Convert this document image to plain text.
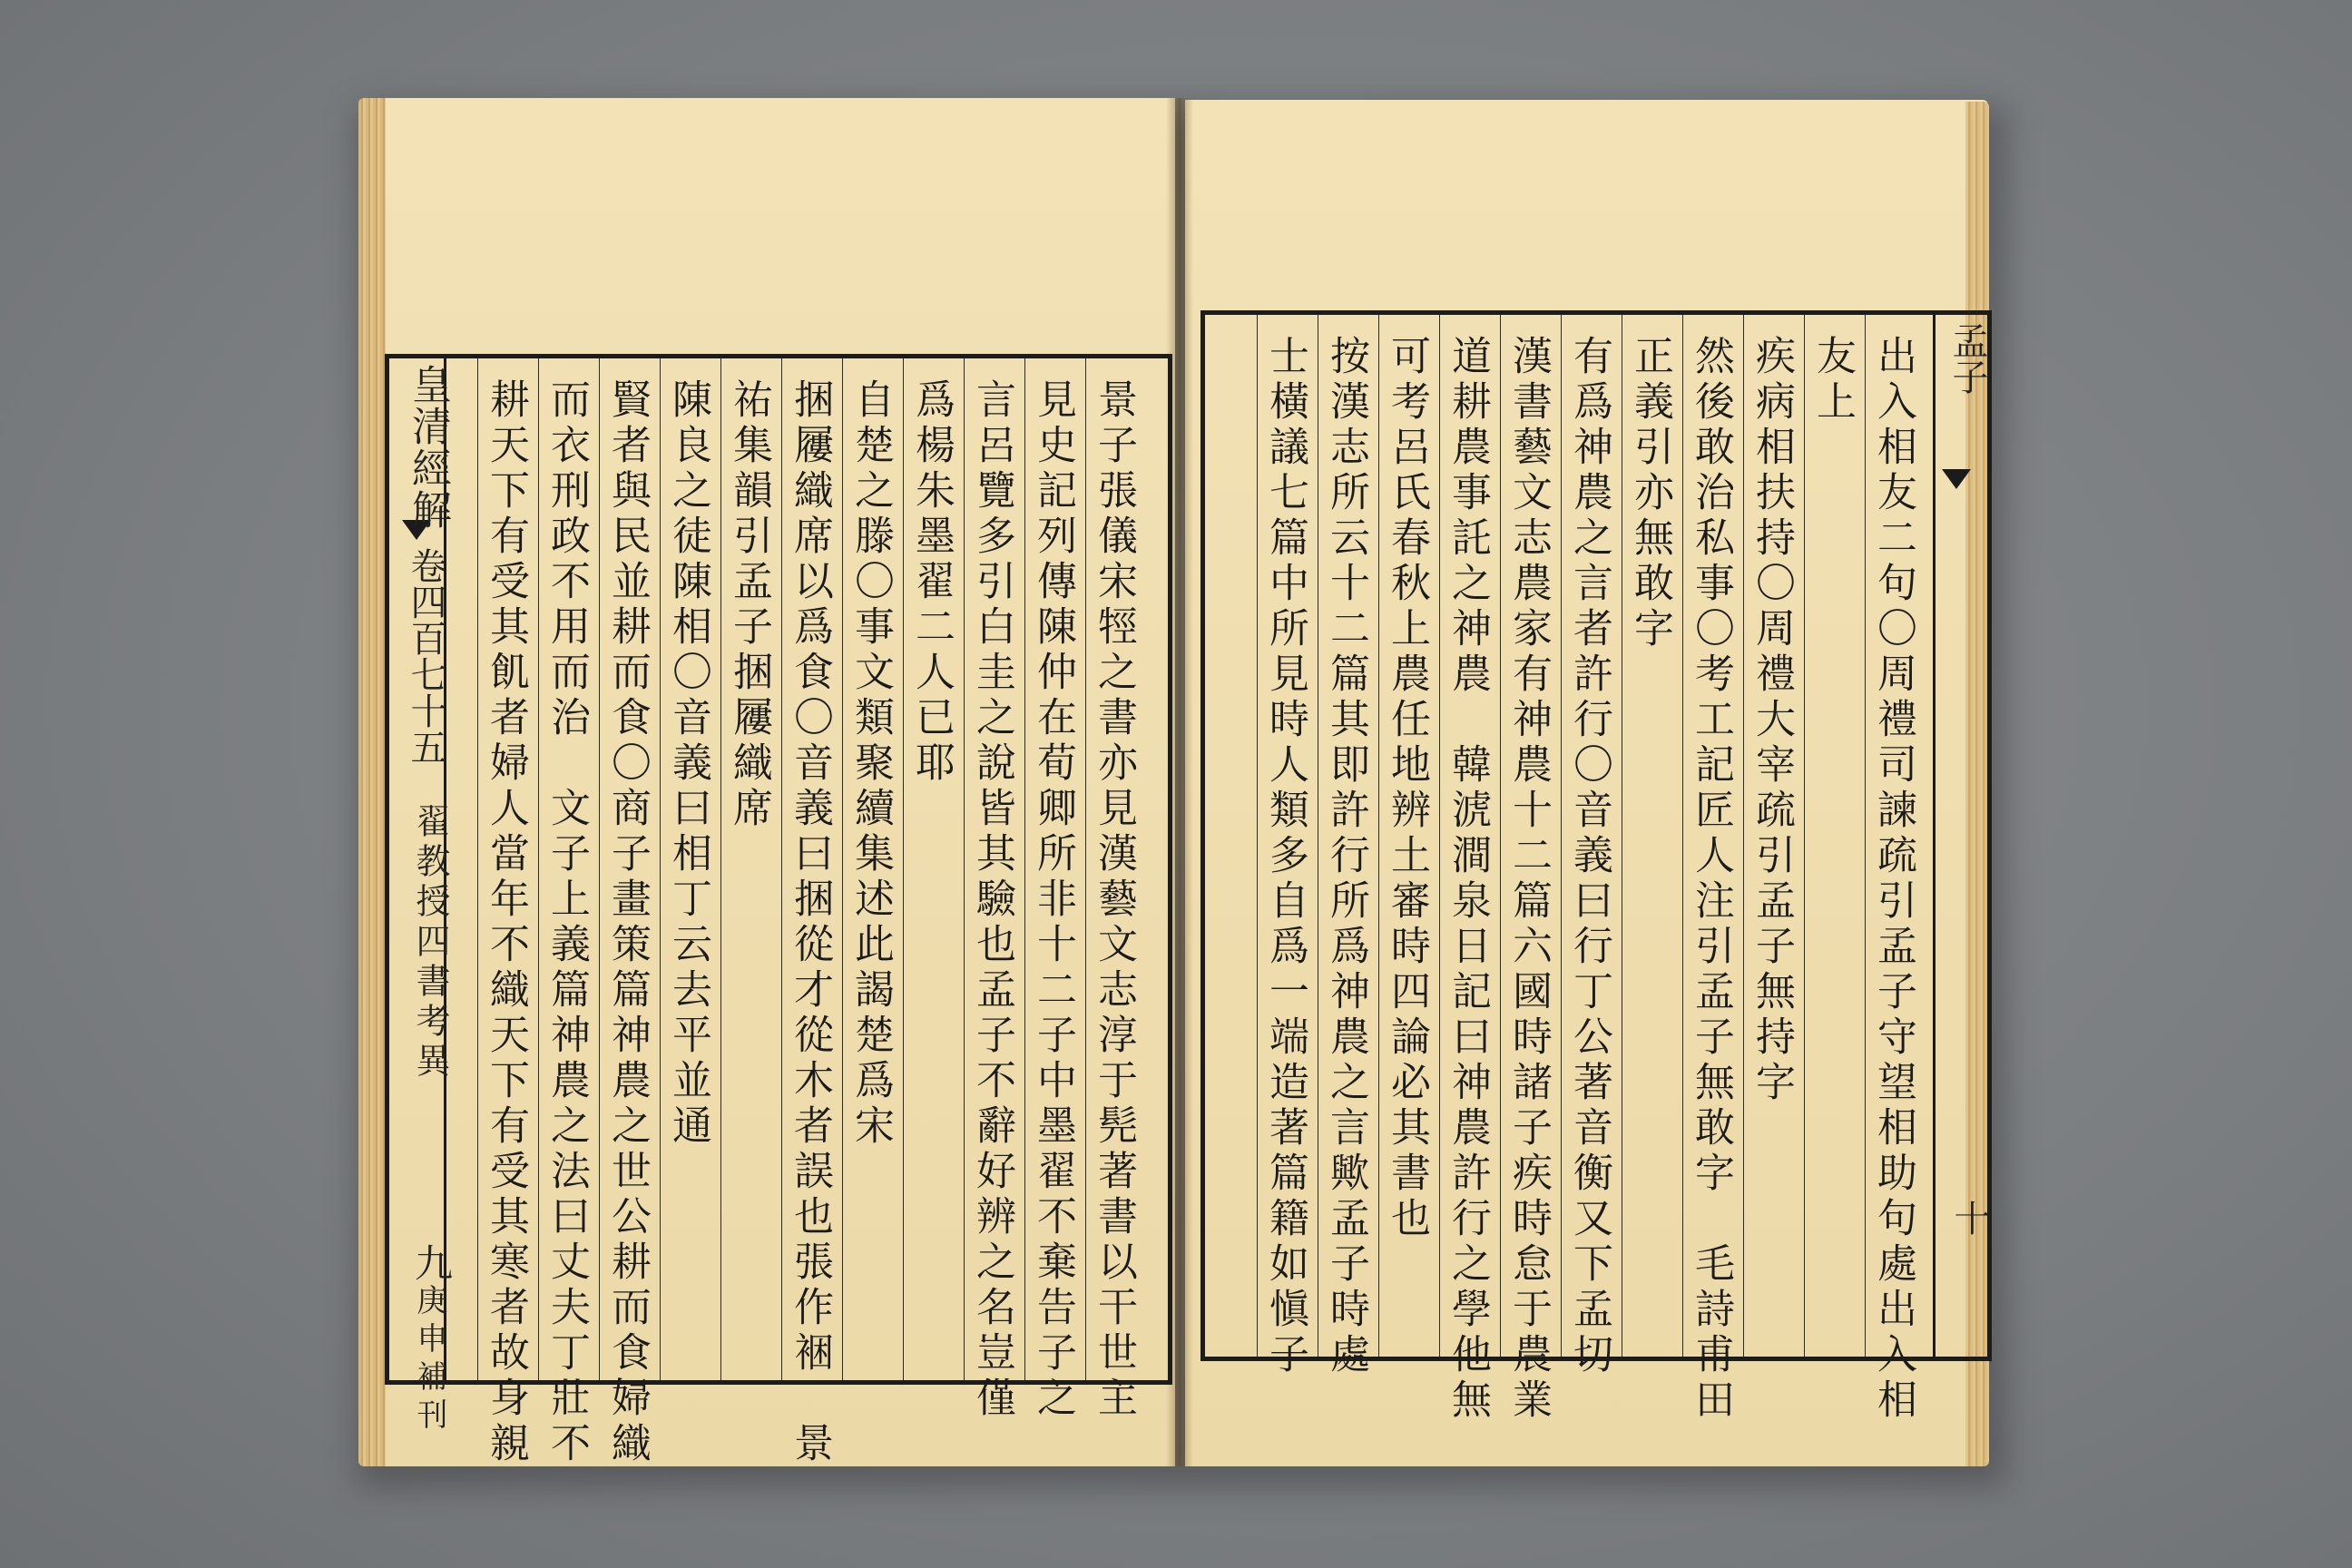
皇清經解
卷四百七十五
翟教授四書考異
九
庚申補刊	景子張儀宋牼之書亦見漢藝文志淳于髡著書以干世主
見史記列傳陳仲在荀卿所非十二子中墨翟不棄告子之
言呂覽多引白圭之說皆其驗也孟子不辭好辨之名豈僅
爲楊朱墨翟二人已耶
自楚之滕〇事文類聚續集述此謁楚爲宋
捆屨織席以爲食〇音義曰捆從才從木者誤也張作裍　景
祐集韻引孟子捆屨織席
陳良之徒陳相〇音義曰相丁云去平並通
賢者與民並耕而食〇商子畫策篇神農之世公耕而食婦織
而衣刑政不用而治　文子上義篇神農之法曰丈夫丁壯不
耕天下有受其飢者婦人當年不織天下有受其寒者故身親
孟子
十
出入相友二句〇周禮司諫疏引孟子守望相助句處出入相
友上
疾病相扶持〇周禮大宰疏引孟子無持字
然後敢治私事〇考工記匠人注引孟子無敢字　毛詩甫田
正義引亦無敢字
有爲神農之言者許行〇音義曰行丁公著音衡又下孟切
漢書藝文志農家有神農十二篇六國時諸子疾時怠于農業
道耕農事託之神農　韓淲澗泉日記曰神農許行之學他無
可考呂氏春秋上農任地辨土審時四論必其書也
按漢志所云十二篇其即許行所爲神農之言歟孟子時處
士橫議七篇中所見時人類多自爲一端造著篇籍如愼子
